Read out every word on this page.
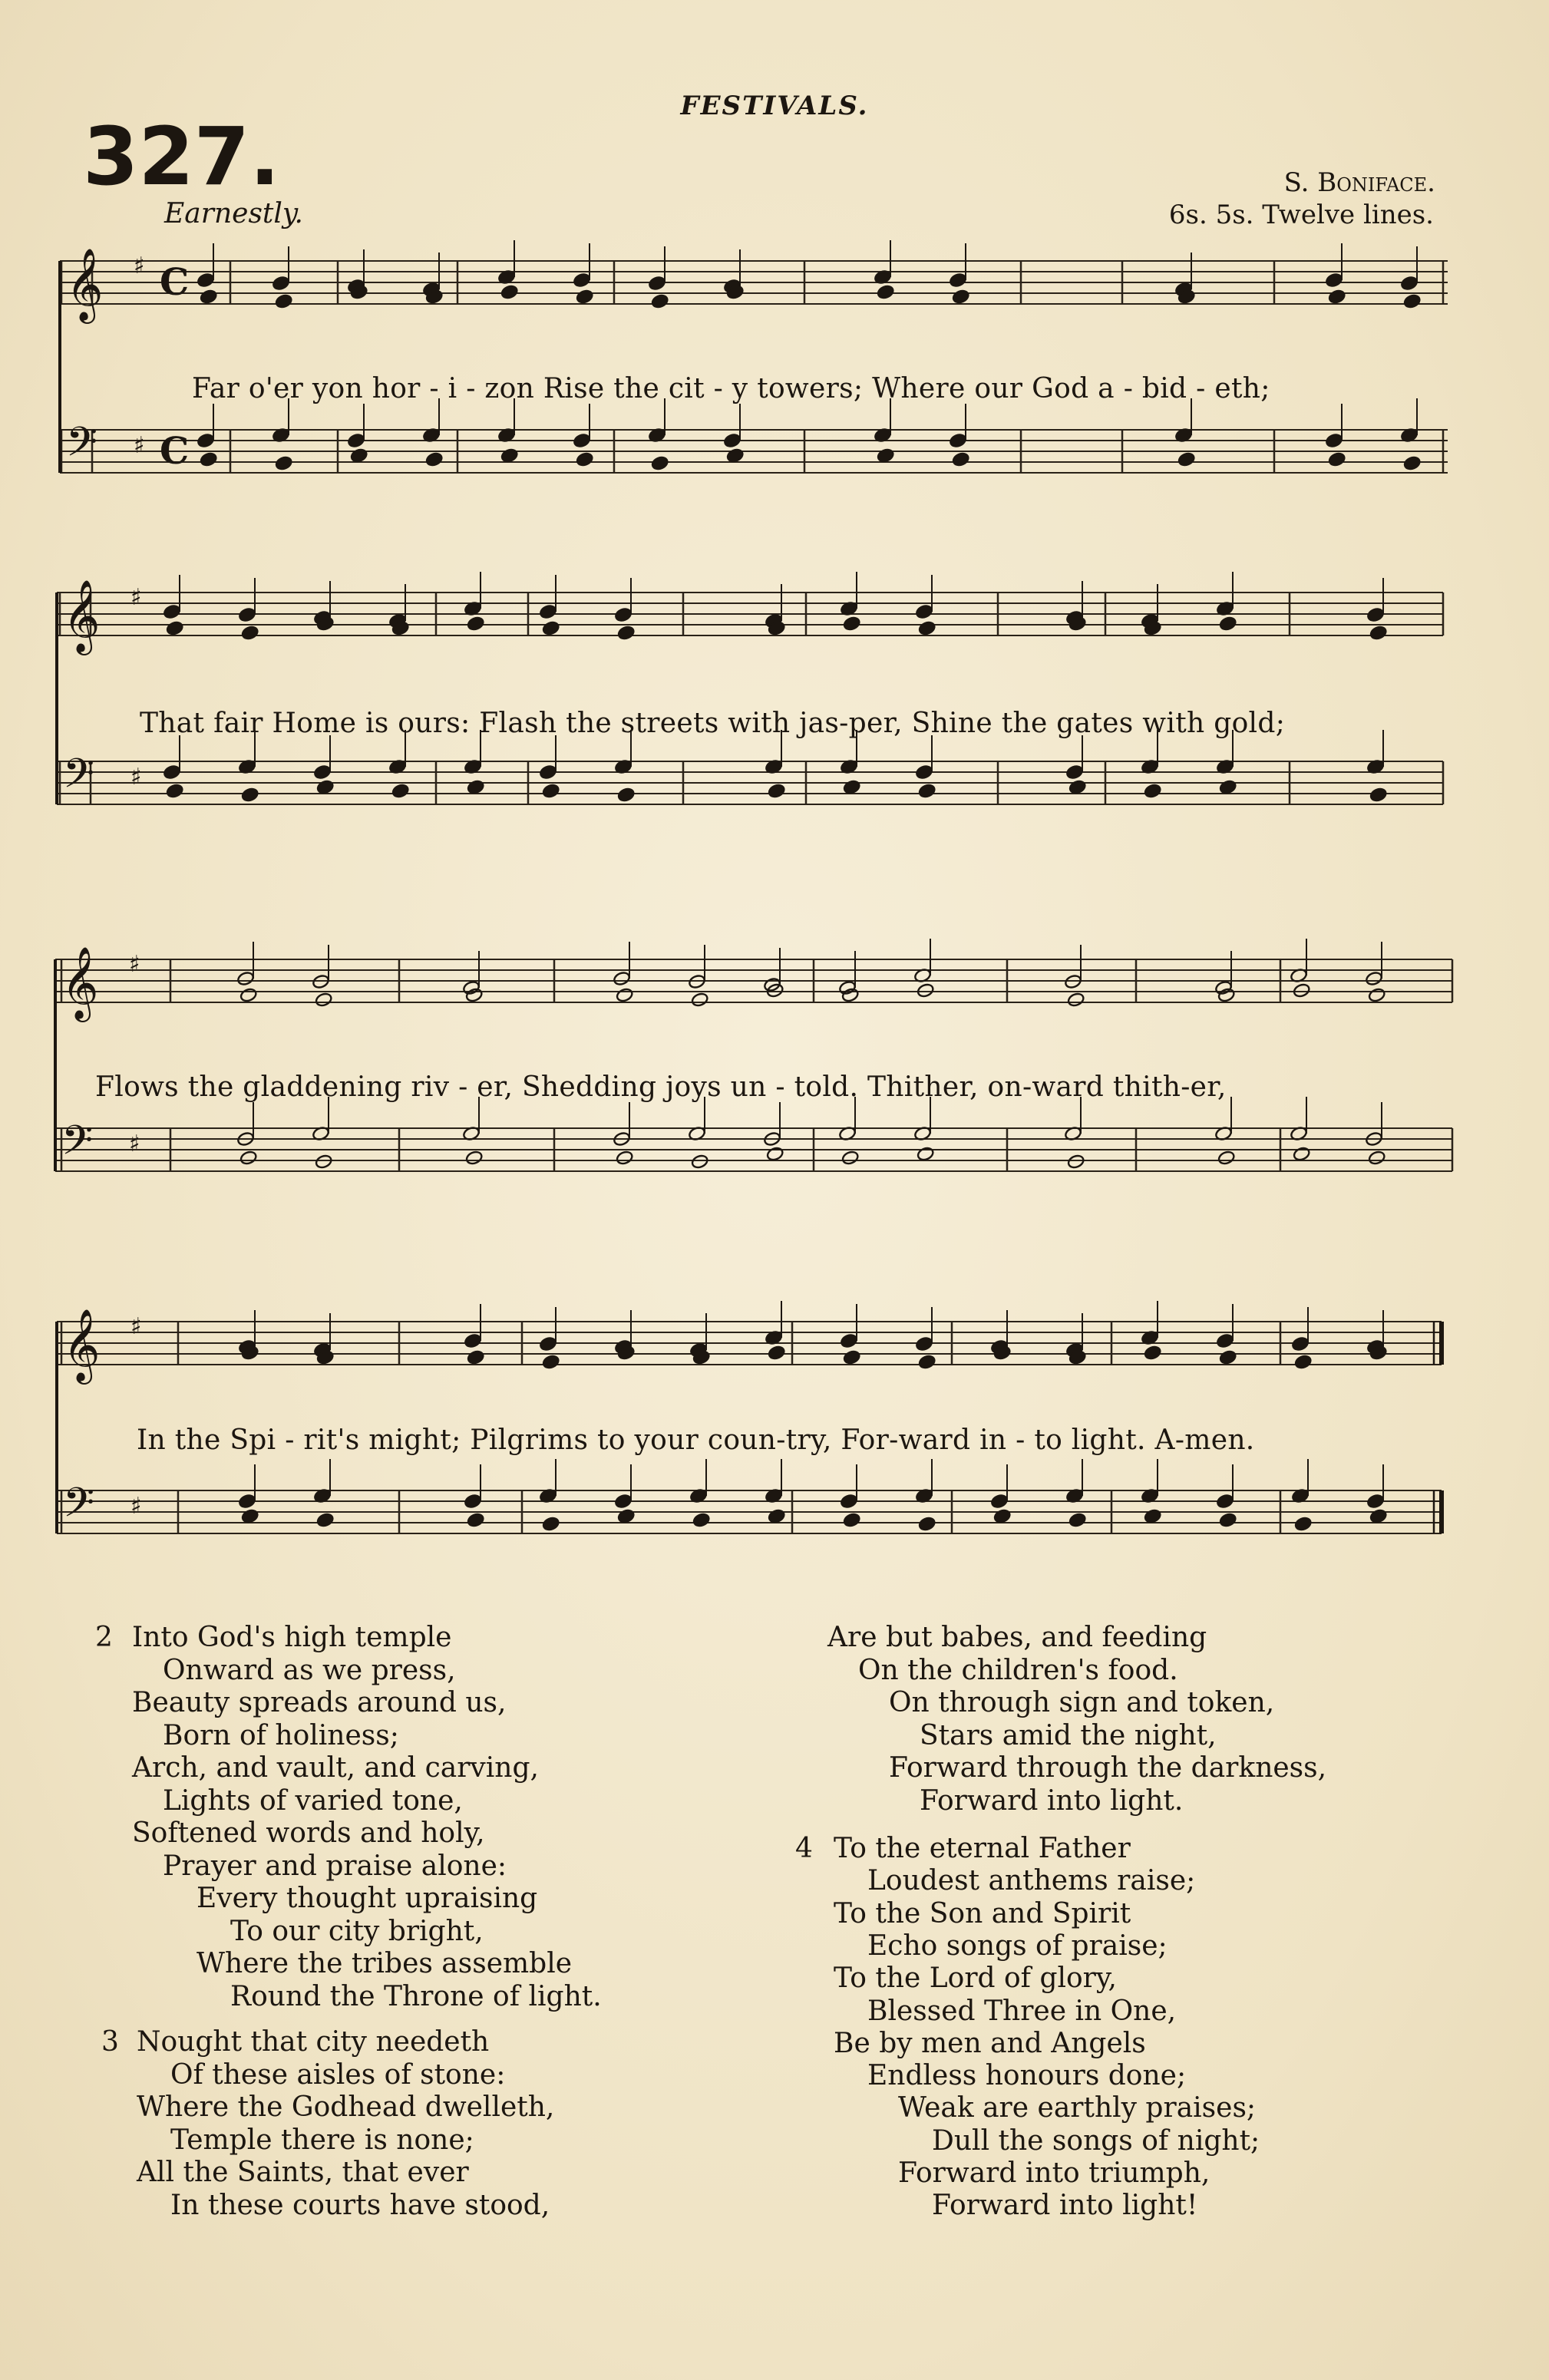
FESTIVALS.
327.
Earnestly.
S. Boniface.
6s. 5s. Twelve lines.
𝄞 ♯ C
𝄢 ♯ C
𝄞 ♯
𝄢 ♯
𝄞 ♯
𝄢 ♯
𝄞 ♯
𝄢 ♯
Far o'er yon hor - i - zon Rise the cit - y towers; Where our God a - bid - eth;
That fair Home is ours: Flash the streets with jas-per, Shine the gates with gold;
Flows the gladdening riv - er, Shedding joys un - told. Thither, on-ward thith-er,
In the Spi - rit's might; Pilgrims to your coun-try, For-ward in - to light. A-men.
Into God's high temple
2
Onward as we press,
Beauty spreads around us,
Born of holiness;
Arch, and vault, and carving,
Lights of varied tone,
Softened words and holy,
Prayer and praise alone:
Every thought upraising
To our city bright,
Where the tribes assemble
Round the Throne of light.
Nought that city needeth
3
Of these aisles of stone:
Where the Godhead dwelleth,
Temple there is none;
All the Saints, that ever
In these courts have stood,
Are but babes, and feeding
On the children's food.
On through sign and token,
Stars amid the night,
Forward through the darkness,
Forward into light.
To the eternal Father
4
Loudest anthems raise;
To the Son and Spirit
Echo songs of praise;
To the Lord of glory,
Blessed Three in One,
Be by men and Angels
Endless honours done;
Weak are earthly praises;
Dull the songs of night;
Forward into triumph,
Forward into light!
